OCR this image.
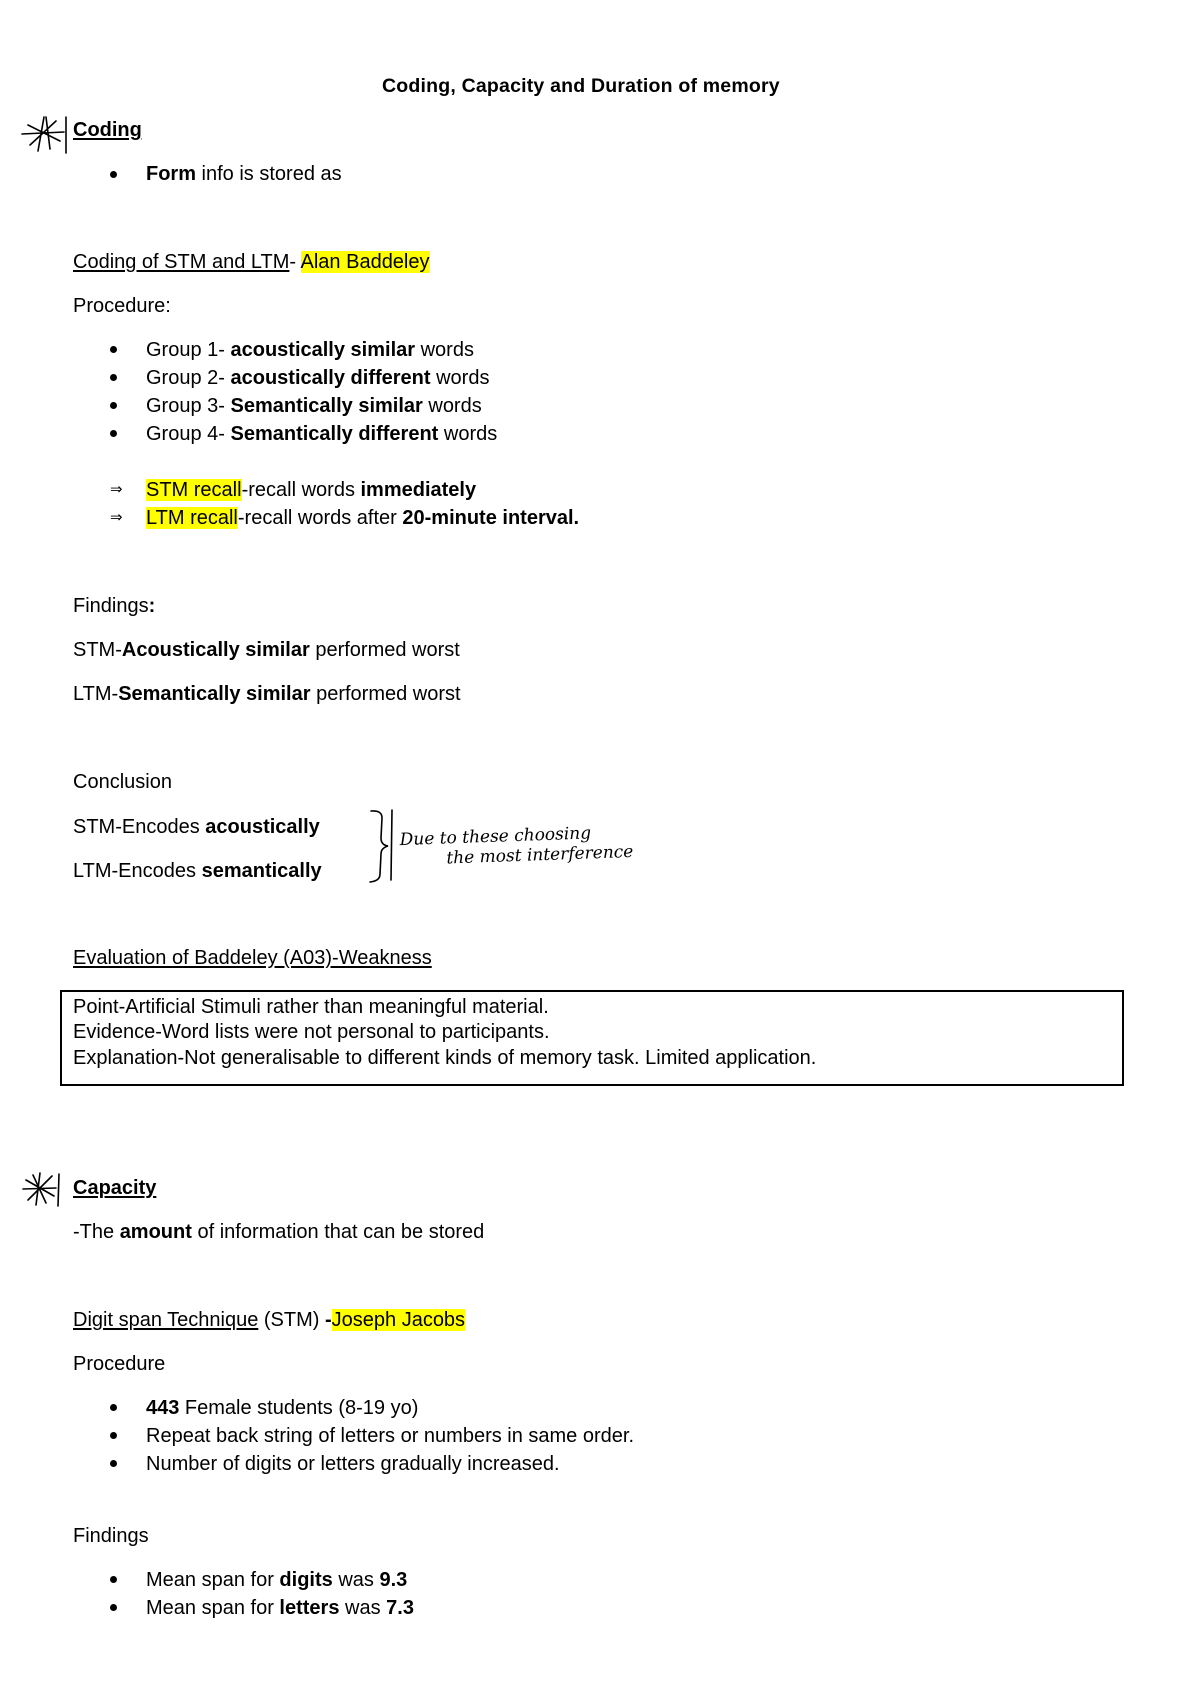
Coding, Capacity and Duration of memory
Coding
Form info is stored as
Coding of STM and LTM- Alan Baddeley
Procedure:
Group 1- acoustically similar words
Group 2- acoustically different words
Group 3- Semantically similar words
Group 4- Semantically different words
⇒ STM recall-recall words immediately
⇒ LTM recall-recall words after 20-minute interval.
Findings:
STM-Acoustically similar performed worst
LTM-Semantically similar performed worst
Conclusion
STM-Encodes acoustically
LTM-Encodes semantically
Due to these choosing
the most interference
Evaluation of Baddeley (A03)-Weakness
Point-Artificial Stimuli rather than meaningful material.
Evidence-Word lists were not personal to participants.
Explanation-Not generalisable to different kinds of memory task. Limited application.
Capacity
-The amount of information that can be stored
Digit span Technique (STM) -Joseph Jacobs
Procedure
443 Female students (8-19 yo)
Repeat back string of letters or numbers in same order.
Number of digits or letters gradually increased.
Findings
Mean span for digits was 9.3
Mean span for letters was 7.3
